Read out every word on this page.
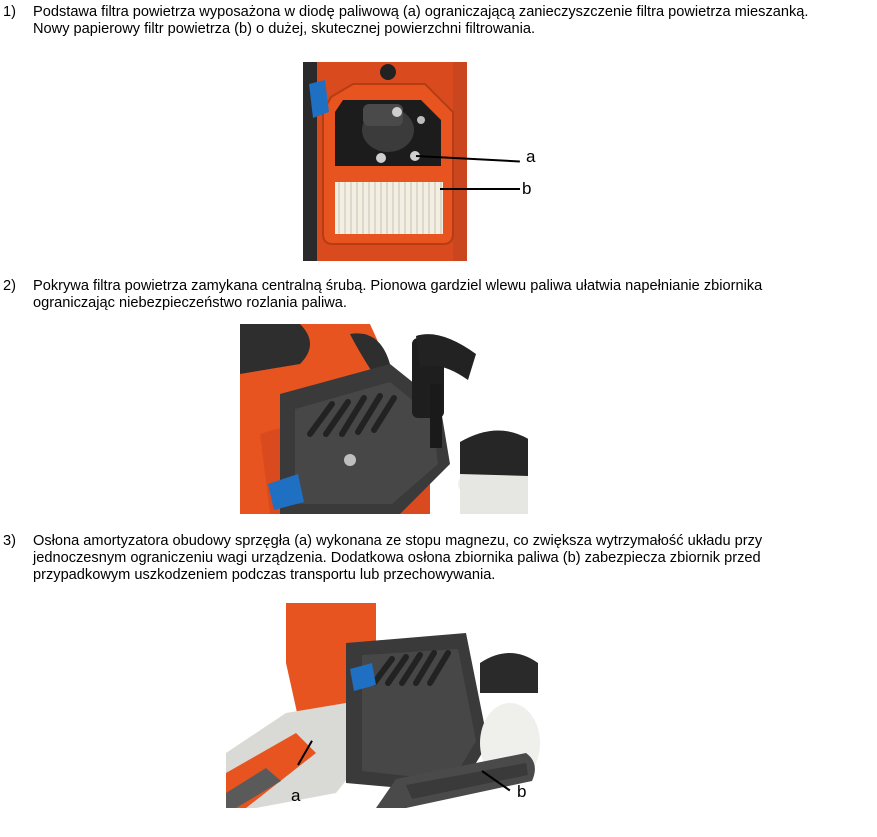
1) Podstawa filtra powietrza wyposażona w diodę paliwową (a) ograniczającą zanieczyszczenie filtra powietrza mieszanką.
Nowy papierowy filtr powietrza (b) o dużej, skutecznej powierzchni filtrowania.
a
b
2) Pokrywa filtra powietrza zamykana centralną śrubą. Pionowa gardziel wlewu paliwa ułatwia napełnianie zbiornika
ograniczając niebezpieczeństwo rozlania paliwa.
3) Osłona amortyzatora obudowy sprzęgła (a) wykonana ze stopu magnezu, co zwiększa wytrzymałość układu przy
jednoczesnym ograniczeniu wagi urządzenia. Dodatkowa osłona zbiornika paliwa (b) zabezpiecza zbiornik przed
przypadkowym uszkodzeniem podczas transportu lub przechowywania.
a	b
